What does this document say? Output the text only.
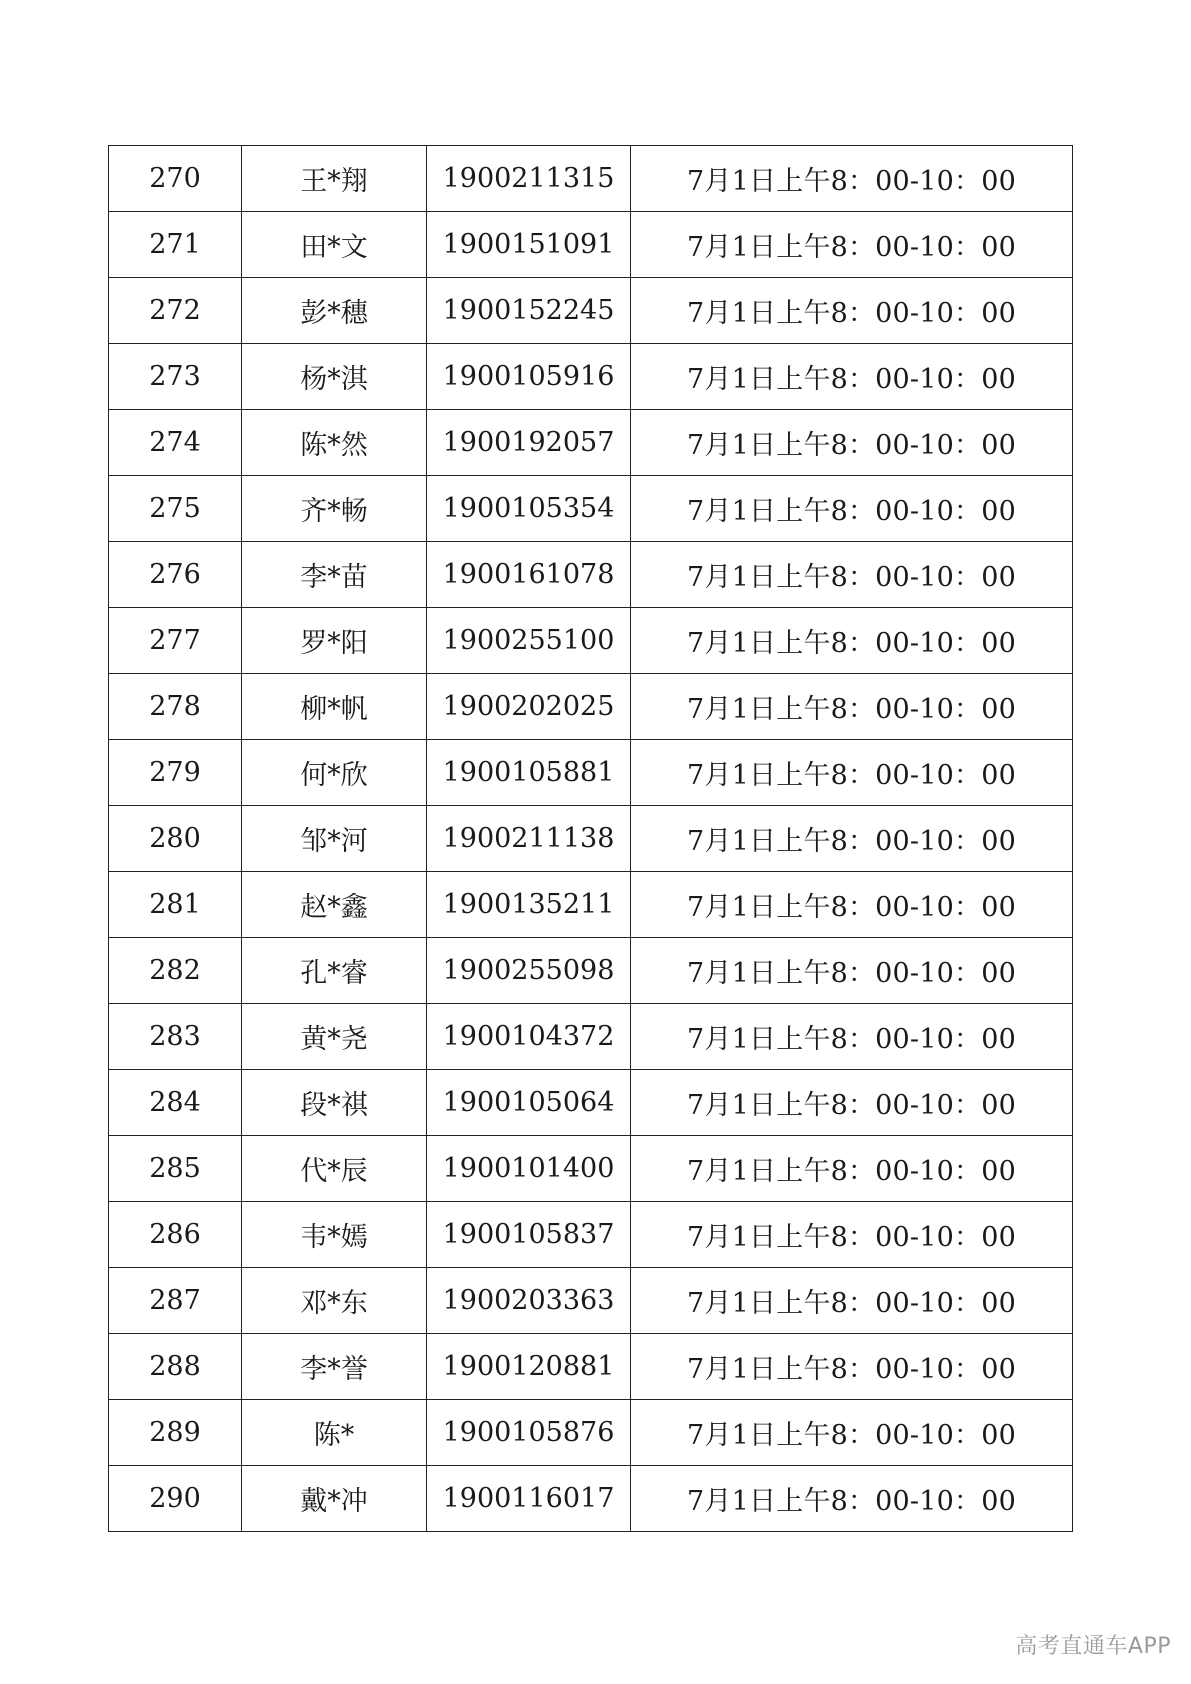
270	王*翔	1900211315	7月1日上午8：00-10：00
271	田*文	1900151091	7月1日上午8：00-10：00
272	彭*穗	1900152245	7月1日上午8：00-10：00
273	杨*淇	1900105916	7月1日上午8：00-10：00
274	陈*然	1900192057	7月1日上午8：00-10：00
275	齐*畅	1900105354	7月1日上午8：00-10：00
276	李*苗	1900161078	7月1日上午8：00-10：00
277	罗*阳	1900255100	7月1日上午8：00-10：00
278	柳*帆	1900202025	7月1日上午8：00-10：00
279	何*欣	1900105881	7月1日上午8：00-10：00
280	邹*河	1900211138	7月1日上午8：00-10：00
281	赵*鑫	1900135211	7月1日上午8：00-10：00
282	孔*睿	1900255098	7月1日上午8：00-10：00
283	黄*尧	1900104372	7月1日上午8：00-10：00
284	段*祺	1900105064	7月1日上午8：00-10：00
285	代*辰	1900101400	7月1日上午8：00-10：00
286	韦*嫣	1900105837	7月1日上午8：00-10：00
287	邓*东	1900203363	7月1日上午8：00-10：00
288	李*誉	1900120881	7月1日上午8：00-10：00
289	陈*	1900105876	7月1日上午8：00-10：00
290	戴*冲	1900116017	7月1日上午8：00-10：00
高考直通车APP
